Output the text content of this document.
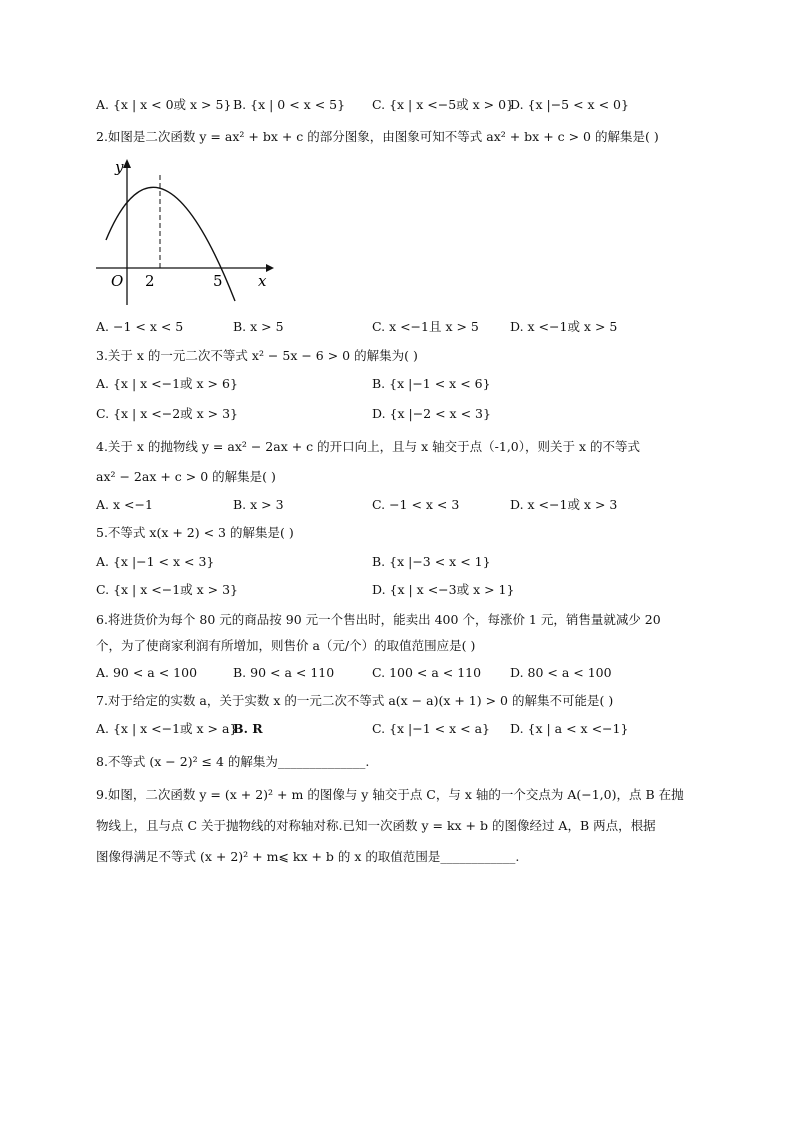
A. {x | x < 0或 x > 5} B. {x | 0 < x < 5} C. {x | x <−5或 x > 0}
D. {x |−5 < x < 0}
2.如图是二次函数 y = ax² + bx + c 的部分图象，由图象可知不等式 ax² + bx + c > 0 的解集是( )
y
x
O 2	5
A. −1 < x < 5	B. x > 5	C. x <−1且 x > 5 D. x <−1或 x > 5
3.关于 x 的一元二次不等式 x² − 5x − 6 > 0 的解集为( )
A. {x | x <−1或 x > 6}	B. {x |−1 < x < 6}
C. {x | x <−2或 x > 3}	D. {x |−2 < x < 3}
4.关于 x 的抛物线 y = ax² − 2ax + c 的开口向上，且与 x 轴交于点（-1,0），则关于 x 的不等式
ax² − 2ax + c > 0 的解集是( )
A. x <−1	B. x > 3	C. −1 < x < 3	D. x <−1或 x > 3
5.不等式 x(x + 2) < 3 的解集是( )
A. {x |−1 < x < 3}	B. {x |−3 < x < 1}
C. {x | x <−1或 x > 3}	D. {x | x <−3或 x > 1}
6.将进货价为每个 80 元的商品按 90 元一个售出时，能卖出 400 个，每涨价 1 元，销售量就减少 20
个，为了使商家利润有所增加，则售价 a（元/个）的取值范围应是( )
A. 90 < a < 100	B. 90 < a < 110	C. 100 < a < 110 D. 80 < a < 100
7.对于给定的实数 a，关于实数 x 的一元二次不等式 a(x − a)(x + 1) > 0 的解集不可能是( )
A. {x | x <−1或 x > a}
B. R	C. {x |−1 < x < a} D. {x | a < x <−1}
8.不等式 (x − 2)² ≤ 4 的解集为______________.
9.如图，二次函数 y = (x + 2)² + m 的图像与 y 轴交于点 C，与 x 轴的一个交点为 A(−1,0)，点 B 在抛
物线上，且与点 C 关于抛物线的对称轴对称.已知一次函数 y = kx + b 的图像经过 A，B 两点，根据
图像得满足不等式 (x + 2)² + m⩽ kx + b 的 x 的取值范围是____________.
